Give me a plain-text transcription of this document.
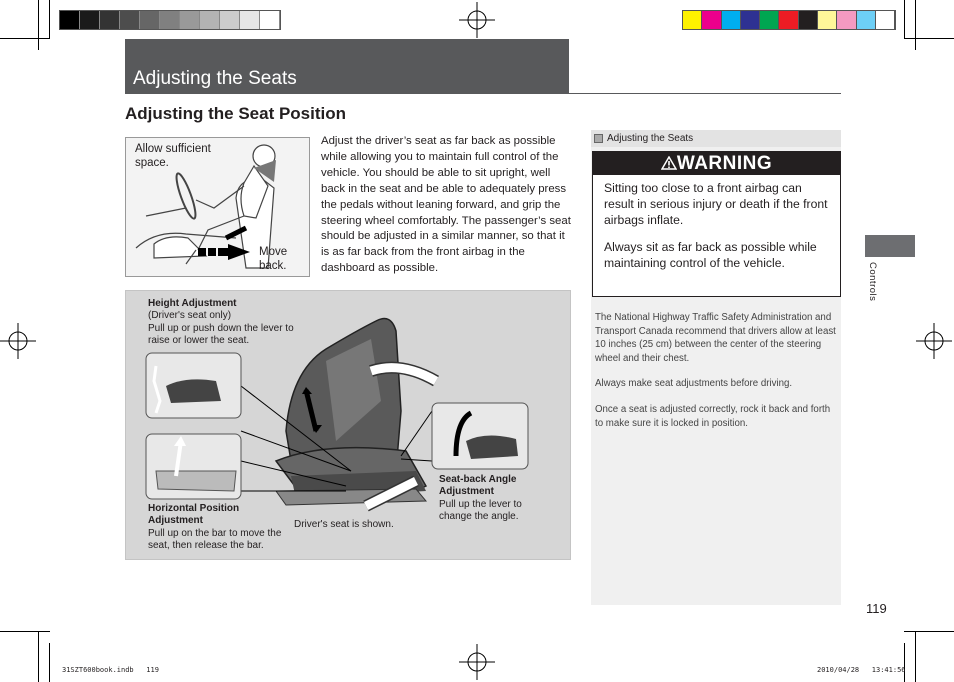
Adjusting the Seats
Adjusting the Seat Position
Allow sufficient space.
Move back.
Adjust the driver’s seat as far back as possible while allowing you to maintain full control of the vehicle. You should be able to sit upright, well back in the seat and be able to adequately press the pedals without leaning forward, and grip the steering wheel comfortably. The passenger’s seat should be adjusted in a similar manner, so that it is as far back from the front airbag in the dashboard as possible.
Height Adjustment
(Driver's seat only)
Pull up or push down the lever to raise or lower the seat.
Horizontal Position Adjustment
Pull up on the bar to move the seat, then release the bar.
Seat-back Angle Adjustment
Pull up the lever to change the angle.
Driver's seat is shown.
Adjusting the Seats
WARNING

Sitting too close to a front airbag can result in serious injury or death if the front airbags inflate.

Always sit as far back as possible while maintaining control of the vehicle.

The National Highway Traffic Safety Administration and Transport Canada recommend that drivers allow at least 10 inches (25 cm) between the center of the steering wheel and their chest.

Always make seat adjustments before driving.

Once a seat is adjusted correctly, rock it back and forth to make sure it is locked in position.

Controls
119
31SZT600book.indb   119	2010/04/28   13:41:56
